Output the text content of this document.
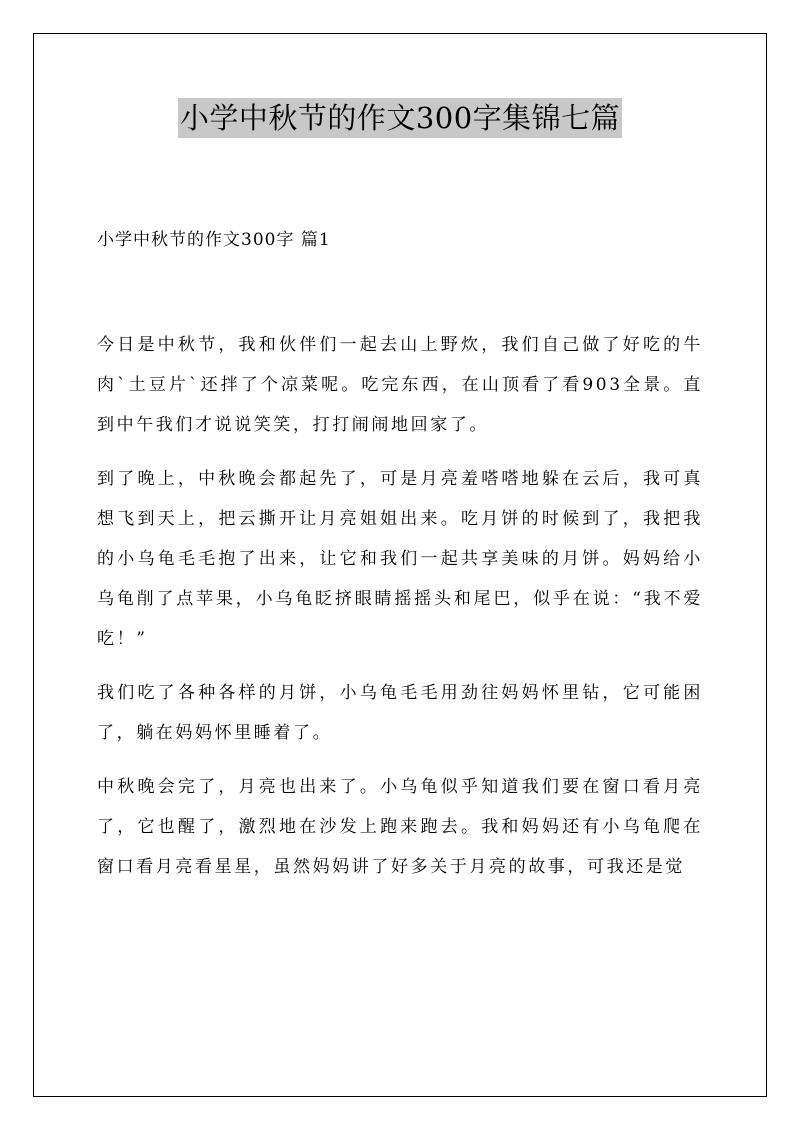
小学中秋节的作文300字集锦七篇
小学中秋节的作文300字 篇1

今日是中秋节，我和伙伴们一起去山上野炊，我们自己做了好吃的牛肉`土豆片`还拌了个凉菜呢。吃完东西，在山顶看了看903全景。直到中午我们才说说笑笑，打打闹闹地回家了。

到了晚上，中秋晚会都起先了，可是月亮羞嗒嗒地躲在云后，我可真想飞到天上，把云撕开让月亮姐姐出来。吃月饼的时候到了，我把我的小乌龟毛毛抱了出来，让它和我们一起共享美味的月饼。妈妈给小乌龟削了点苹果，小乌龟眨挤眼睛摇摇头和尾巴，似乎在说：“我不爱吃！”

我们吃了各种各样的月饼，小乌龟毛毛用劲往妈妈怀里钻，它可能困了，躺在妈妈怀里睡着了。

中秋晚会完了，月亮也出来了。小乌龟似乎知道我们要在窗口看月亮了，它也醒了，激烈地在沙发上跑来跑去。我和妈妈还有小乌龟爬在窗口看月亮看星星，虽然妈妈讲了好多关于月亮的故事，可我还是觉
